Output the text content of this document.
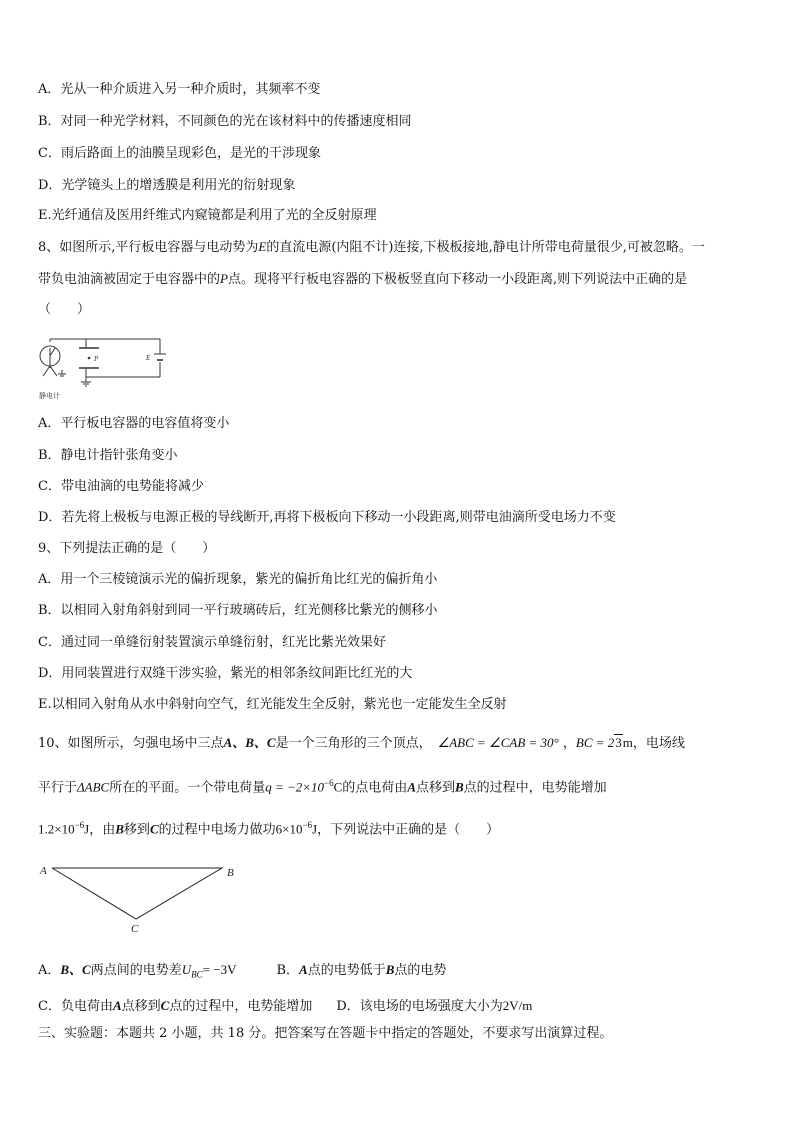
A．光从一种介质进入另一种介质时，其频率不变
B．对同一种光学材料，不同颜色的光在该材料中的传播速度相同
C．雨后路面上的油膜呈现彩色，是光的干涉现象
D．光学镜头上的增透膜是利用光的衍射现象
E.光纤通信及医用纤维式内窥镜都是利用了光的全反射原理
8、如图所示,平行板电容器与电动势为E的直流电源(内阻不计)连接,下极板接地,静电计所带电荷量很少,可被忽略。一
带负电油滴被固定于电容器中的P点。现将平行板电容器的下极板竖直向下移动一小段距离,则下列说法中正确的是
（　　）
P	E
静电计
A．平行板电容器的电容值将变小
B．静电计指针张角变小
C．带电油滴的电势能将减少
D．若先将上极板与电源正极的导线断开,再将下极板向下移动一小段距离,则带电油滴所受电场力不变
9、下列提法正确的是（　　）
A．用一个三棱镜演示光的偏折现象，紫光的偏折角比红光的偏折角小
B．以相同入射角斜射到同一平行玻璃砖后，红光侧移比紫光的侧移小
C．通过同一单缝衍射装置演示单缝衍射，红光比紫光效果好
D．用同装置进行双缝干涉实验，紫光的相邻条纹间距比红光的大
E.以相同入射角从水中斜射向空气，红光能发生全反射，紫光也一定能发生全反射
10、如图所示，匀强电场中三点A、B、C是一个三角形的三个顶点， ∠ABC = ∠CAB = 30° ，BC = 23m，电场线
平行于ΔABC所在的平面。一个带电荷量$q = -2\times 10^{-6}C$的点电荷由A点移到B点的过程中，电势能增加
$1.2\times 10^{-6}J$，由B移到C的过程中电场力做功$6\times 10^{-6}J$，下列说法中正确的是（　　）
A	B
C
A．B、C两点间的电势差$U_{BC}= -3V$	B．A点的电势低于B点的电势
C．负电荷由A点移到C点的过程中，电势能增加 D．该电场的电场强度大小为2V/m
三、实验题：本题共 2 小题，共 18 分。把答案写在答题卡中指定的答题处，不要求写出演算过程。
